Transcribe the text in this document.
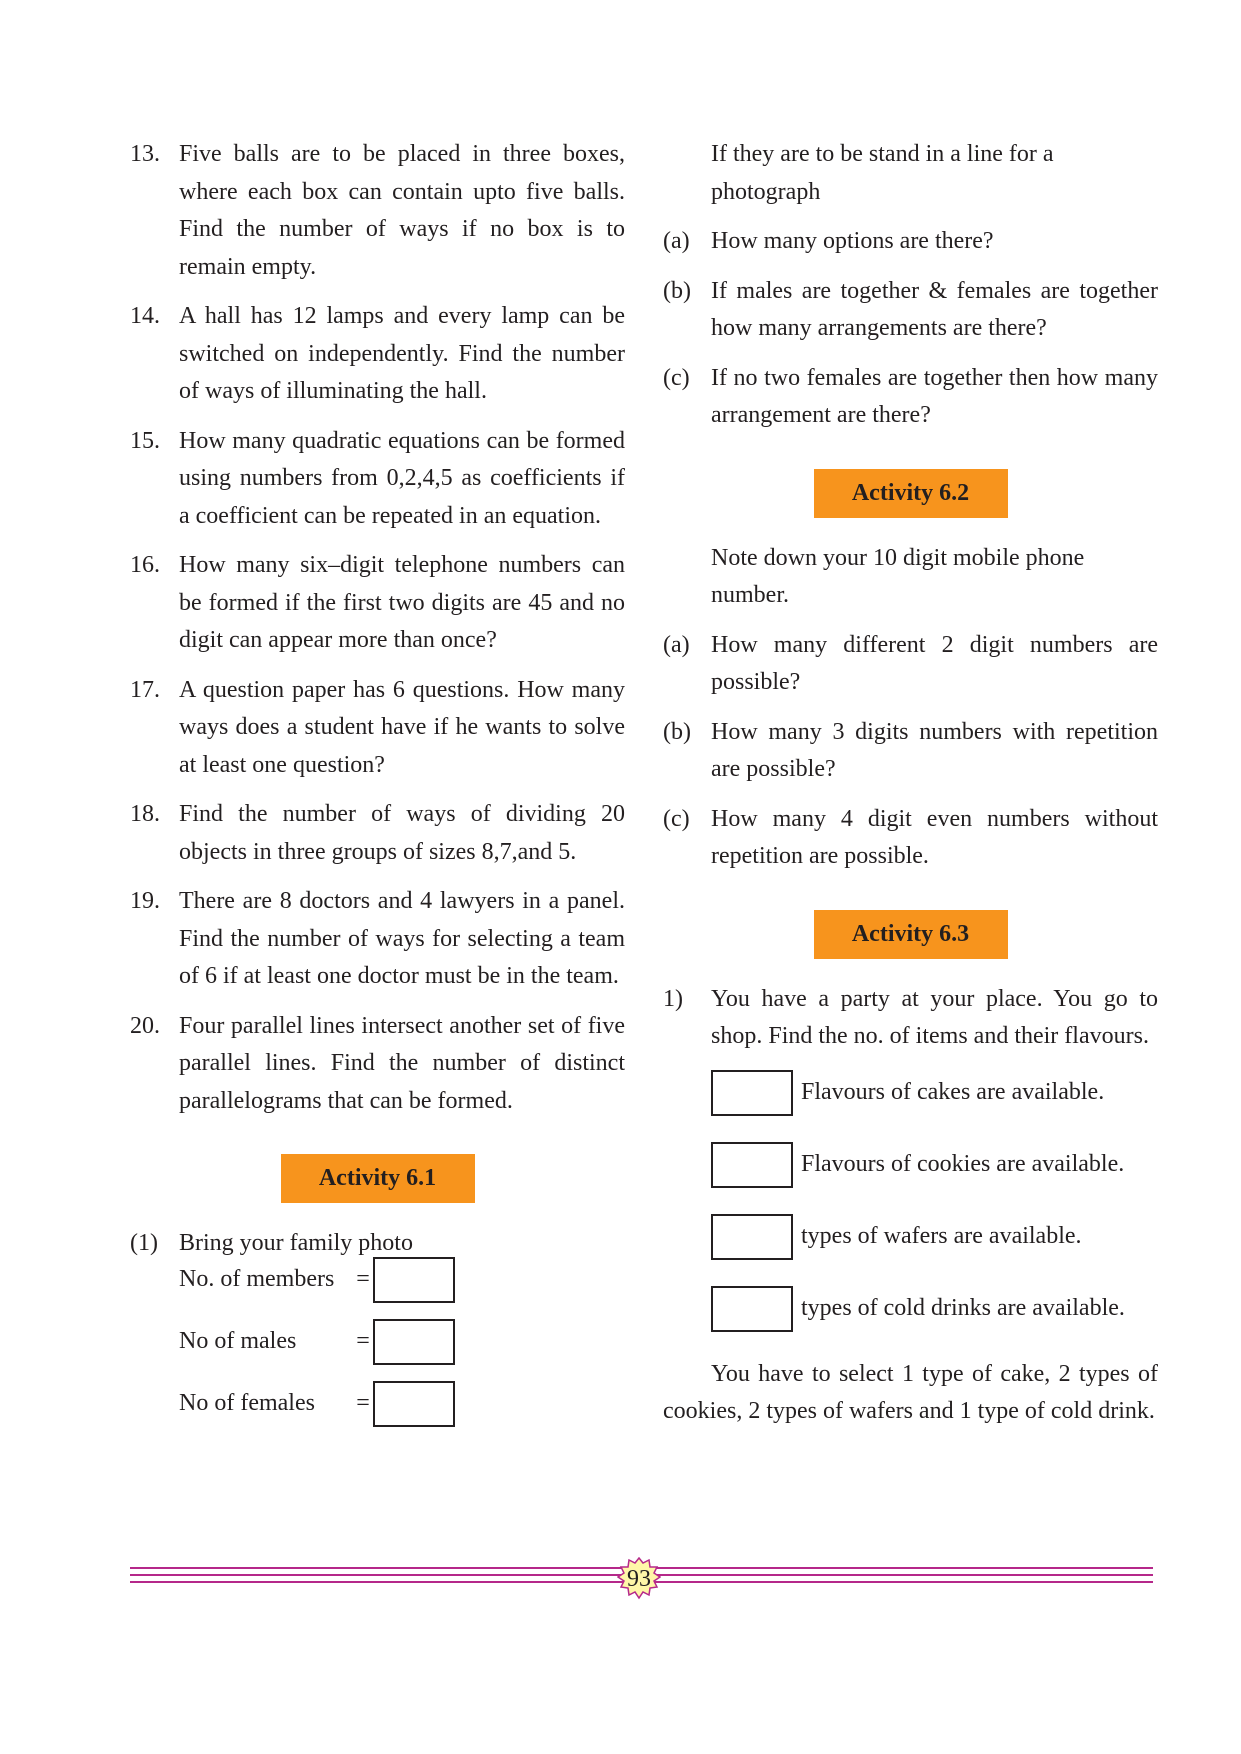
13. Five balls are to be placed in three boxes, where each box can contain upto five balls. Find the number of ways if no box is to remain empty.
14. A hall has 12 lamps and every lamp can be switched on independently. Find the number of ways of illuminating the hall.
15. How many quadratic equations can be formed using numbers from 0,2,4,5 as coefficients if a coefficient can be repeated in an equation.
16. How many six–digit telephone numbers can be formed if the first two digits are 45 and no digit can appear more than once?
17. A question paper has 6 questions. How many ways does a student have if he wants to solve at least one question?
18. Find the number of ways of dividing 20 objects in three groups of sizes 8,7,and 5.
19. There are 8 doctors and 4 lawyers in a panel. Find the number of ways for selecting a team of 6 if at least one doctor must be in the team.
20. Four parallel lines intersect another set of five parallel lines. Find the number of distinct parallelograms that can be formed.
Activity 6.1
(1) Bring your family photo
No. of members =
No of males	=
No of females	=
If they are to be stand in a line for a photograph
(a) How many options are there?
(b) If males are together & females are together how many arrangements are there?
(c) If no two females are together then how many arrangement are there?
Activity 6.2
Note down your 10 digit mobile phone number.
(a) How many different 2 digit numbers are possible?
(b) How many 3 digits numbers with repetition are possible?
(c) How many 4 digit even numbers without repetition are possible.
Activity 6.3
1)	You have a party at your place. You go to shop. Find the no. of items and their flavours.
Flavours of cakes are available.
Flavours of cookies are available.
types of wafers are available.
types of cold drinks are available.
You have to select 1 type of cake, 2 types of cookies, 2 types of wafers and 1 type of cold drink.
93
